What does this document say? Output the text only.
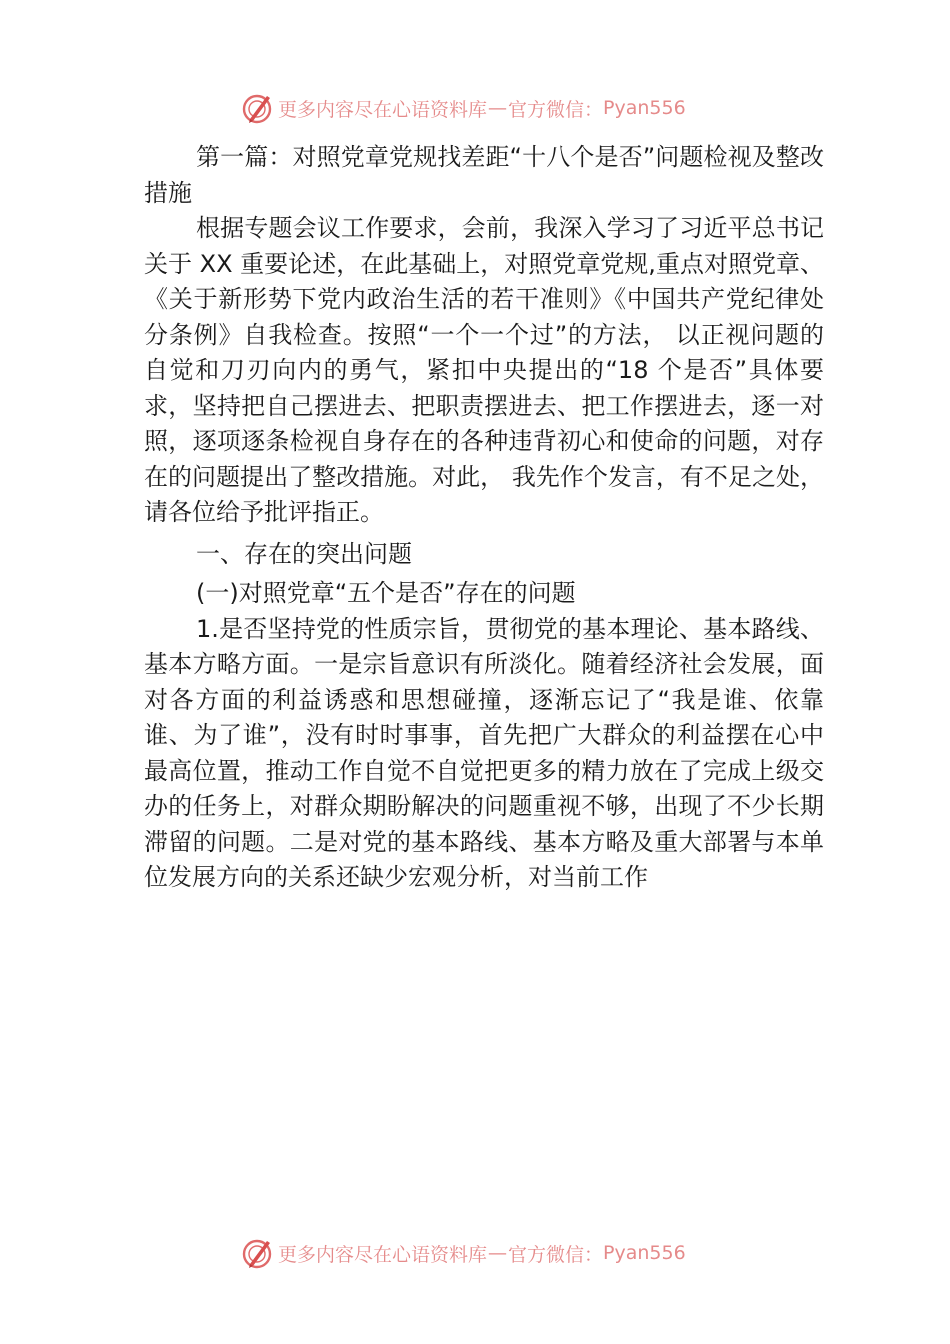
更多内容尽在心语资料库 — 官方微信： Pyan556

第一篇：对照党章党规找差距“十八个是否”问题检视及整改措施

根据专题会议工作要求，会前，我深入学习了习近平总书记关于 XX 重要论述，在此基础上，对照党章党规,重点对照党章、《关于新形势下党内政治生活的若干准则》《中国共产党纪律处分条例》自我检查。按照“一个一个过”的方法， 以正视问题的自觉和刀刃向内的勇气，紧扣中央提出的“18 个是否”具体要求，坚持把自己摆进去、把职责摆进去、把工作摆进去，逐一对照，逐项逐条检视自身存在的各种违背初心和使命的问题，对存在的问题提出了整改措施。对此， 我先作个发言，有不足之处，请各位给予批评指正。

一、存在的突出问题

(一)对照党章“五个是否”存在的问题

1.是否坚持党的性质宗旨，贯彻党的基本理论、基本路线、基本方略方面。一是宗旨意识有所淡化。随着经济社会发展，面对各方面的利益诱惑和思想碰撞，逐渐忘记了“我是谁、依靠谁、为了谁”，没有时时事事，首先把广大群众的利益摆在心中最高位置，推动工作自觉不自觉把更多的精力放在了完成上级交办的任务上，对群众期盼解决的问题重视不够，出现了不少长期滞留的问题。二是对党的基本路线、基本方略及重大部署与本单位发展方向的关系还缺少宏观分析，对当前工作

更多内容尽在心语资料库 — 官方微信： Pyan556
